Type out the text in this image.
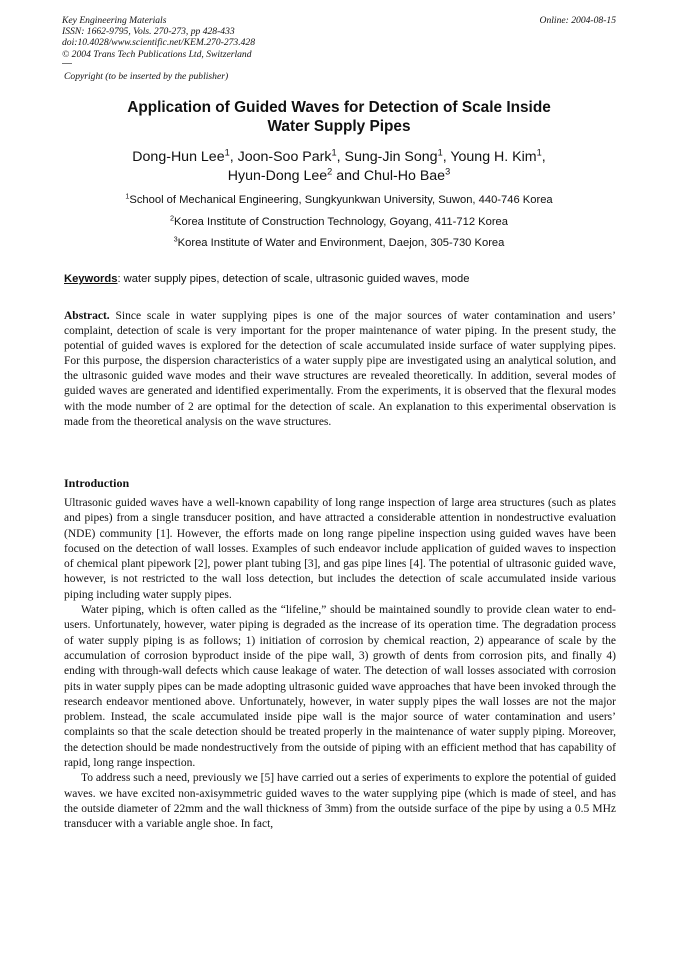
Key Engineering Materials
ISSN: 1662-9795, Vols. 270-273, pp 428-433
doi:10.4028/www.scientific.net/KEM.270-273.428
© 2004 Trans Tech Publications Ltd, Switzerland
Online: 2004-08-15
Copyright (to be inserted by the publisher)
Application of Guided Waves for Detection of Scale Inside
Water Supply Pipes
Dong-Hun Lee$^1$, Joon-Soo Park$^1$, Sung-Jin Song$^1$, Young H. Kim$^1$,
Hyun-Dong Lee$^2$ and Chul-Ho Bae$^3$
$^1$School of Mechanical Engineering, Sungkyunkwan University, Suwon, 440-746 Korea
$^2$Korea Institute of Construction Technology, Goyang, 411-712 Korea
$^3$Korea Institute of Water and Environment, Daejon, 305-730 Korea
Keywords: water supply pipes, detection of scale, ultrasonic guided waves, mode

Abstract. Since scale in water supplying pipes is one of the major sources of water contamination and users’ complaint, detection of scale is very important for the proper maintenance of water piping. In the present study, the potential of guided waves is explored for the detection of scale accumulated inside surface of water supplying pipes. For this purpose, the dispersion characteristics of a water supply pipe are investigated using an analytical solution, and the ultrasonic guided wave modes and their wave structures are revealed theoretically. In addition, several modes of guided waves are generated and identified experimentally. From the experiments, it is observed that the flexural modes with the mode number of 2 are optimal for the detection of scale. An explanation to this experimental observation is made from the theoretical analysis on the wave structures.

Introduction

Ultrasonic guided waves have a well-known capability of long range inspection of large area structures (such as plates and pipes) from a single transducer position, and have attracted a considerable attention in nondestructive evaluation (NDE) community [1]. However, the efforts made on long range pipeline inspection using guided waves have been focused on the detection of wall losses. Examples of such endeavor include application of guided waves to inspection of chemical plant pipework [2], power plant tubing [3], and gas pipe lines [4]. The potential of ultrasonic guided wave, however, is not restricted to the wall loss detection, but includes the detection of scale accumulated inside various piping including water supply pipes.

Water piping, which is often called as the “lifeline,” should be maintained soundly to provide clean water to end-users. Unfortunately, however, water piping is degraded as the increase of its operation time. The degradation process of water supply piping is as follows; 1) initiation of corrosion by chemical reaction, 2) appearance of scale by the accumulation of corrosion byproduct inside of the pipe wall, 3) growth of dents from corrosion pits, and finally 4) ending with through-wall defects which cause leakage of water. The detection of wall losses associated with corrosion pits in water supply pipes can be made adopting ultrasonic guided wave approaches that have been invoked through the research endeavor mentioned above. Unfortunately, however, in water supply pipes the wall losses are not the major problem. Instead, the scale accumulated inside pipe wall is the major source of water contamination and users’ complaints so that the scale detection should be treated properly in the maintenance of water supply piping. Moreover, the detection should be made nondestructively from the outside of piping with an efficient method that has capability of rapid, long range inspection.

To address such a need, previously we [5] have carried out a series of experiments to explore the potential of guided waves. we have excited non-axisymmetric guided waves to the water supplying pipe (which is made of steel, and has the outside diameter of 22mm and the wall thickness of 3mm) from the outside surface of the pipe by using a 0.5 MHz transducer with a variable angle shoe. In fact,
